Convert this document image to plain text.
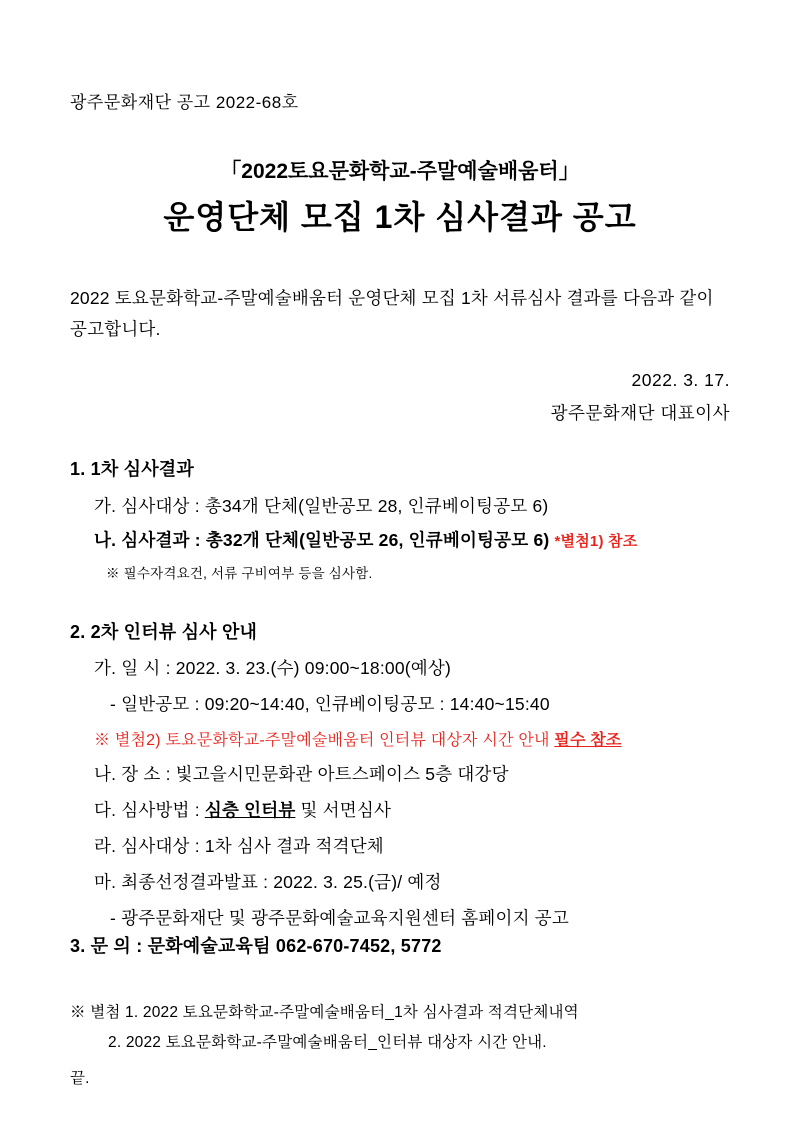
광주문화재단 공고 2022-68호
「2022토요문화학교-주말예술배움터」
운영단체 모집 1차 심사결과 공고
2022 토요문화학교-주말예술배움터 운영단체 모집 1차 서류심사 결과를 다음과 같이 공고합니다.
2022. 3. 17.
광주문화재단 대표이사
1. 1차 심사결과
가. 심사대상 : 총34개 단체(일반공모 28, 인큐베이팅공모 6)
나. 심사결과 : 총32개 단체(일반공모 26, 인큐베이팅공모 6) *별첨1) 참조
※ 필수자격요건, 서류 구비여부 등을 심사함.
2. 2차 인터뷰 심사 안내
가. 일 시 : 2022. 3. 23.(수) 09:00~18:00(예상)
- 일반공모 : 09:20~14:40, 인큐베이팅공모 : 14:40~15:40
※ 별첨2) 토요문화학교-주말예술배움터 인터뷰 대상자 시간 안내 필수 참조
나. 장 소 : 빛고을시민문화관 아트스페이스 5층 대강당
다. 심사방법 : 심층 인터뷰 및 서면심사
라. 심사대상 : 1차 심사 결과 적격단체
마. 최종선정결과발표 : 2022. 3. 25.(금)/ 예정
- 광주문화재단 및 광주문화예술교육지원센터 홈페이지 공고
3. 문 의 : 문화예술교육팀 062-670-7452, 5772
※ 별첨 1. 2022 토요문화학교-주말예술배움터_1차 심사결과 적격단체내역
2. 2022 토요문화학교-주말예술배움터_인터뷰 대상자 시간 안내.
끝.
